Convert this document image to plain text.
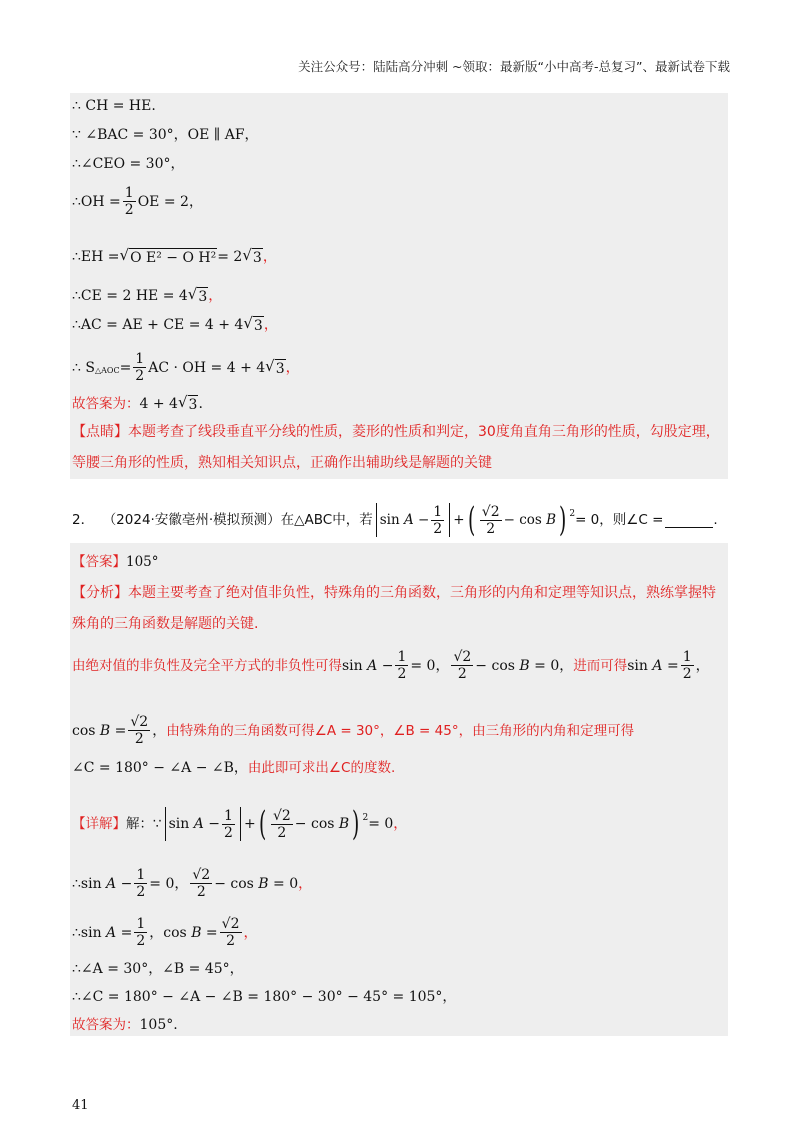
关注公众号：陆陆高分冲刺 ~领取：最新版“小中高考-总复习”、最新试卷下载
∴ CH = HE.
∵ ∠BAC = 30°，OE ∥ AF，
∴∠CEO = 30°，
∴OH = $\frac{1}{2}$ OE = 2，
∴EH = √ O E² − O H² = 2 √ 3 ，
∴CE = 2 HE = 4 √ 3 ，
∴AC = AE + CE = 4 + 4 √ 3 ，
∴ $S_{\triangle AOC} = \frac{1}{2}$ AC · OH = 4 + 4 √ 3 ，
故答案为： 4 + 4 √ 3 .
【点睛】本题考查了线段垂直平分线的性质，菱形的性质和判定，30度角直角三角形的性质，勾股定理，等腰三角形的性质，熟知相关知识点，正确作出辅助线是解题的关键
2．
（2024·安徽亳州·模拟预测）在△ABC中，若 $\sin A - \frac{1}{2}$ + ( $\frac{√2}{2} - \cos B$ ) $^2$ = 0，则∠C =	.
【答案】 105°
【分析】本题主要考查了绝对值非负性，特殊角的三角函数，三角形的内角和定理等知识点，熟练掌握特殊角的三角函数是解题的关键.
由绝对值的非负性及完全平方式的非负性可得 $\sin A - \frac{1}{2} = 0$， $\frac{√2}{2} - \cos B = 0$， 进而可得 $\sin A = \frac{1}{2}$ ，
$\cos B = \frac{√2}{2}$ ， 由特殊角的三角函数可得∠A = 30°，∠B = 45°，由三角形的内角和定理可得
∠C = 180° − ∠A − ∠B， 由此即可求出∠C的度数.
【详解】 解：∵ $\sin A - \frac{1}{2}$ + ( $\frac{√2}{2} - \cos B$ ) $^2$ = 0 ，
∴sin $A - \frac{1}{2} = 0$， $\frac{√2}{2} - \cos B = 0$ ，
∴sin $A = \frac{1}{2}$ ，$\cos B = \frac{√2}{2}$ ，
∴∠A = 30°，∠B = 45°，
∴∠C = 180° − ∠A − ∠B = 180° − 30° − 45° = 105°，
故答案为： 105°.
41
